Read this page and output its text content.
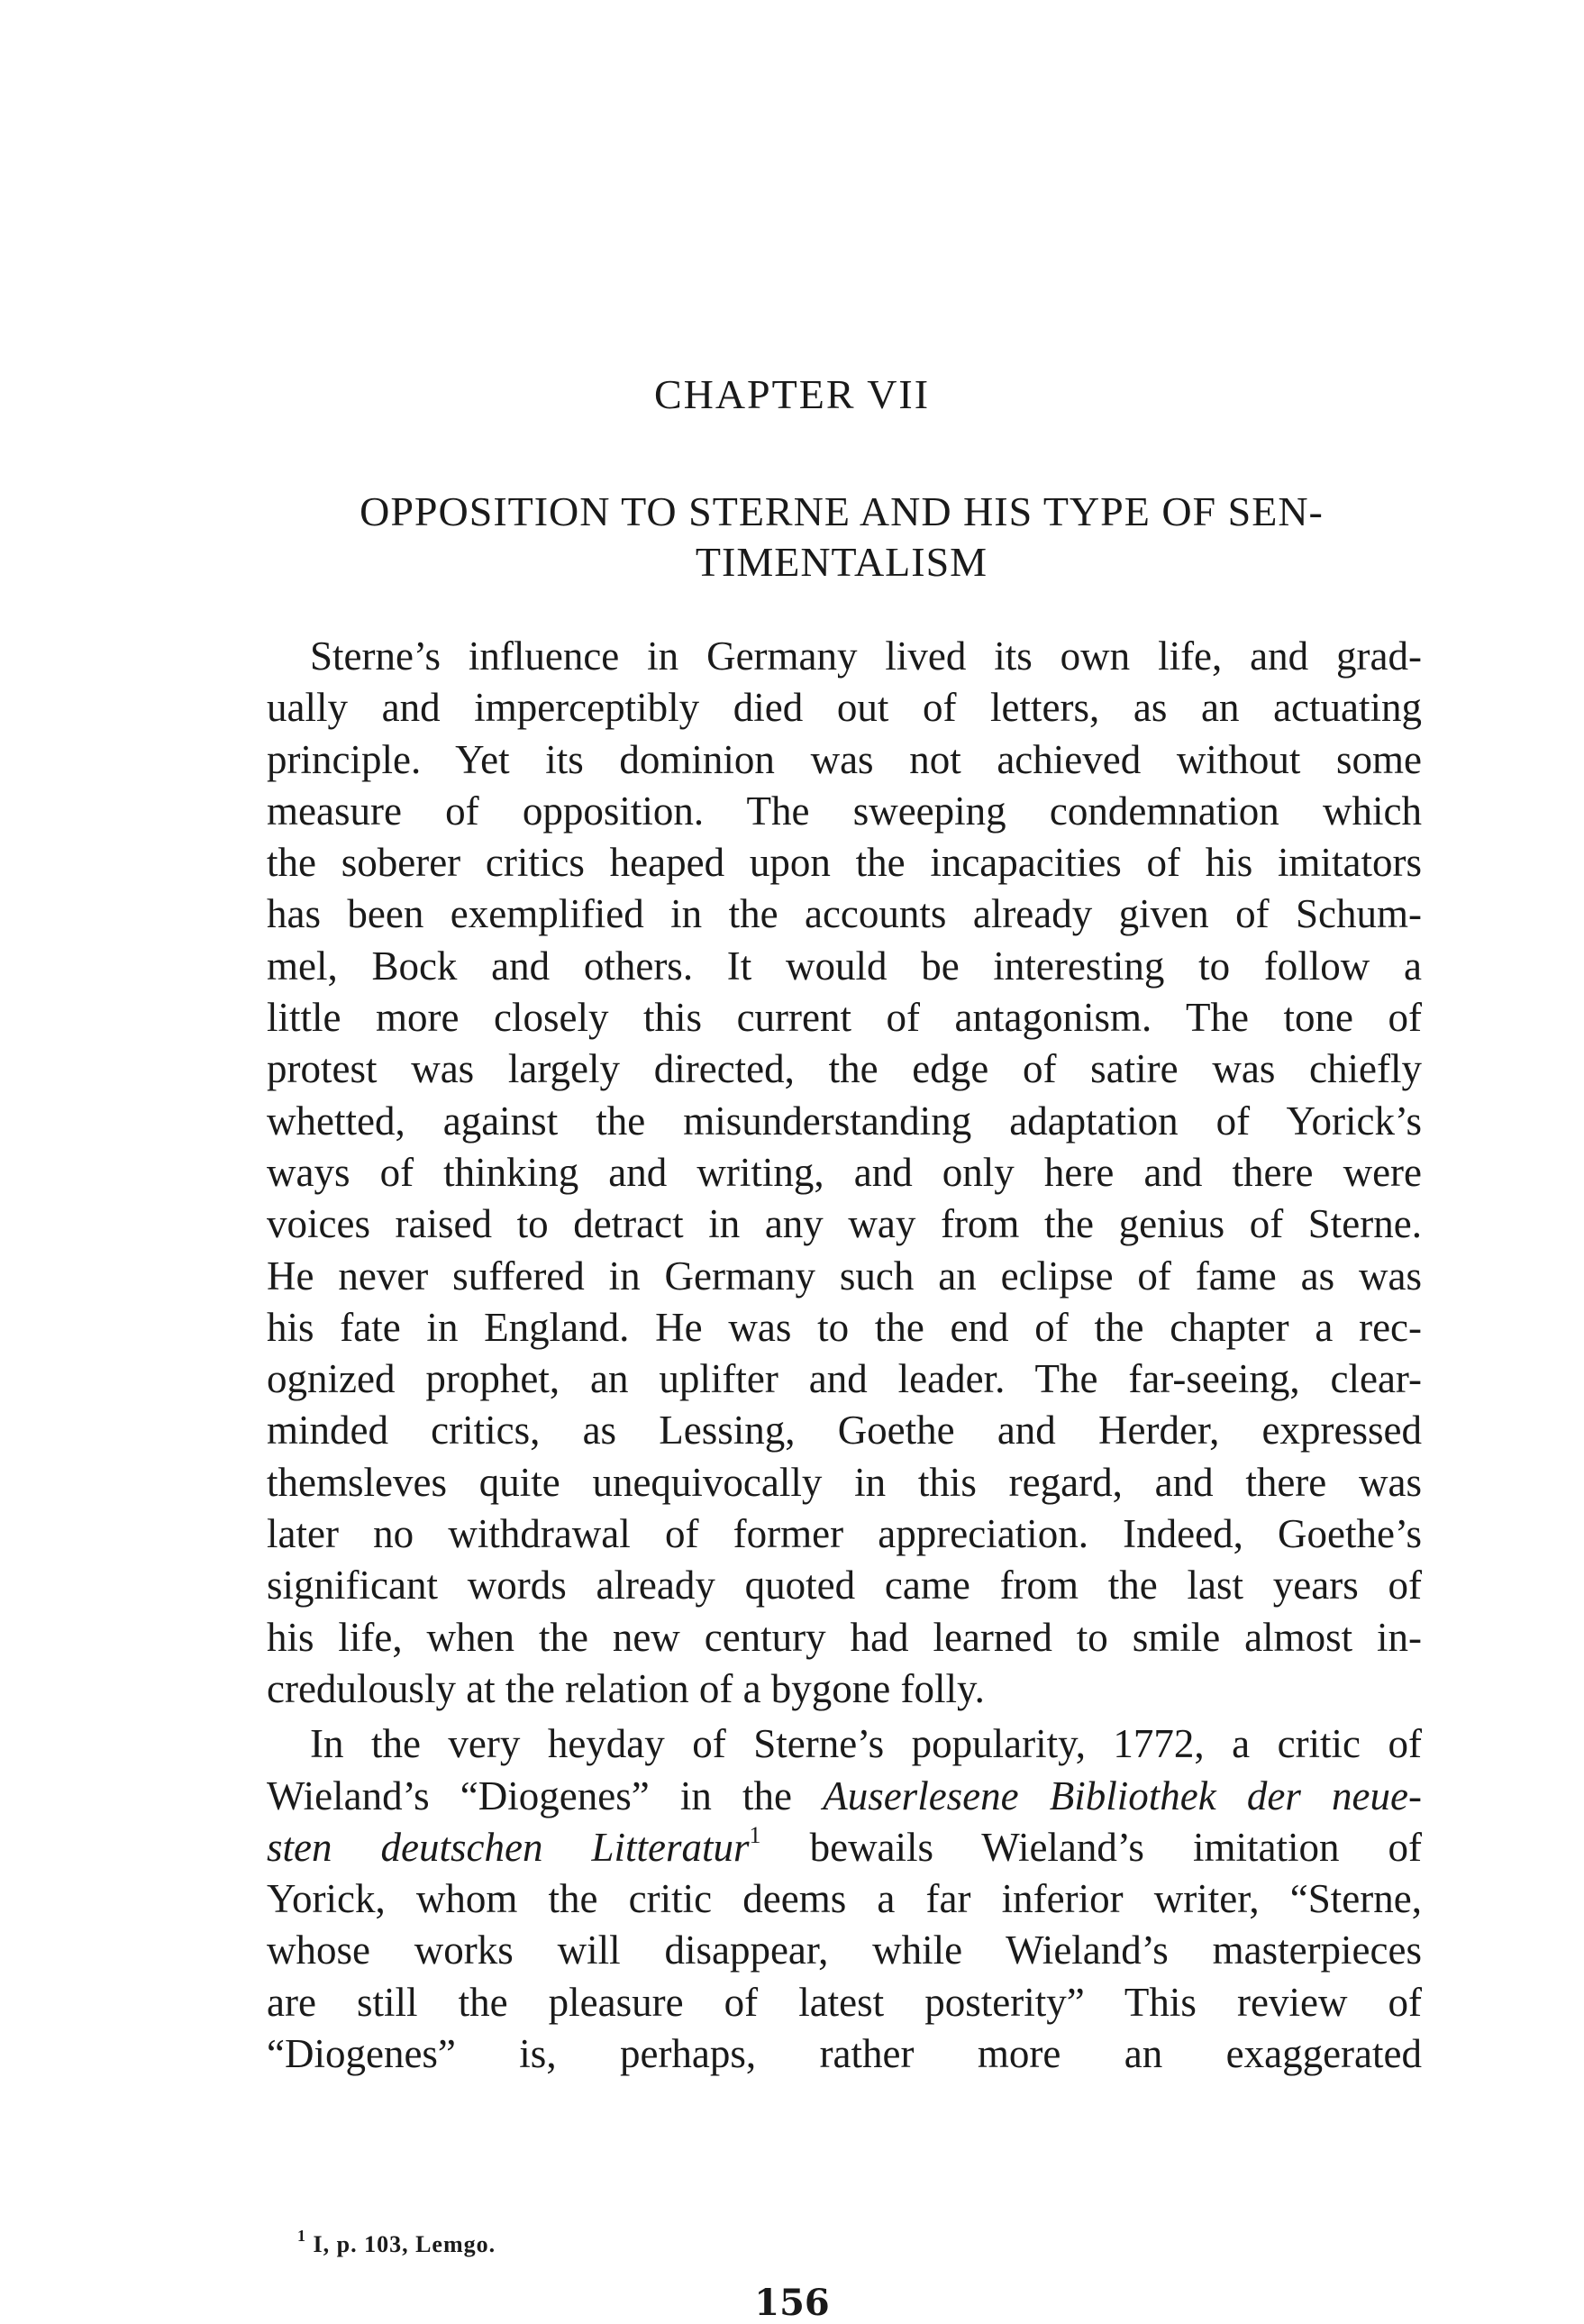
CHAPTER VII
OPPOSITION TO STERNE AND HIS TYPE OF SEN-
TIMENTALISM
Sterne’s influence in Germany lived its own life, and grad-
ually and imperceptibly died out of letters, as an actuating
principle. Yet its dominion was not achieved without some
measure of opposition. The sweeping condemnation which
the soberer critics heaped upon the incapacities of his imitators
has been exemplified in the accounts already given of Schum-
mel, Bock and others. It would be interesting to follow a
little more closely this current of antagonism. The tone of
protest was largely directed, the edge of satire was chiefly
whetted, against the misunderstanding adaptation of Yorick’s
ways of thinking and writing, and only here and there were
voices raised to detract in any way from the genius of Sterne.
He never suffered in Germany such an eclipse of fame as was
his fate in England. He was to the end of the chapter a rec-
ognized prophet, an uplifter and leader. The far-seeing, clear-
minded critics, as Lessing, Goethe and Herder, expressed
themsleves quite unequivocally in this regard, and there was
later no withdrawal of former appreciation. Indeed, Goethe’s
significant words already quoted came from the last years of
his life, when the new century had learned to smile almost in-
credulously at the relation of a bygone folly.
In the very heyday of Sterne’s popularity, 1772, a critic of
Wieland’s “Diogenes” in the Auserlesene Bibliothek der neue-
sten deutschen Litteratur$^1$ bewails Wieland’s imitation of
Yorick, whom the critic deems a far inferior writer, “Sterne,
whose works will disappear, while Wieland’s masterpieces
are still the pleasure of latest posterity” This review of
“Diogenes” is, perhaps, rather more an exaggerated
$^1$ I, p. 103, Lemgo.
156
